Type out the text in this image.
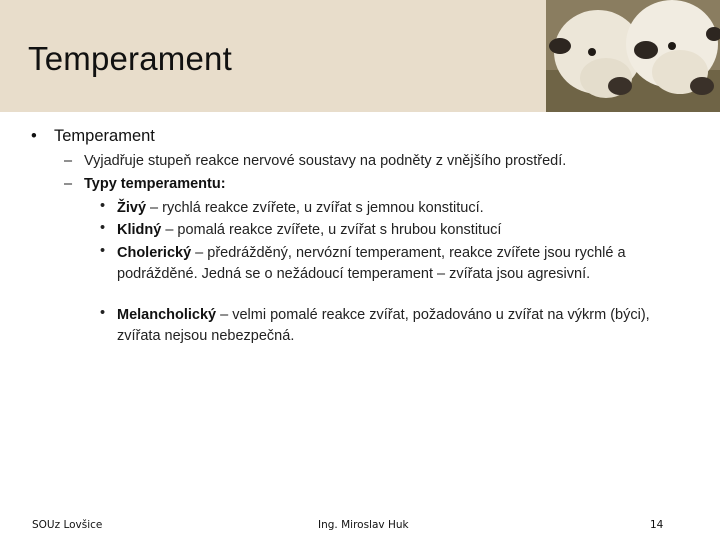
Temperament
• Temperament
– Vyjadřuje stupeň reakce nervové soustavy na podněty z vnějšího prostředí.
– Typy temperamentu:
• Živý – rychlá reakce zvířete, u zvířat s jemnou konstitucí.
• Klidný – pomalá reakce zvířete, u zvířat s hrubou konstitucí
• Cholerický – předrážděný, nervózní temperament, reakce zvířete jsou rychlé a podrážděné. Jedná se o nežádoucí temperament – zvířata jsou agresivní.
• Melancholický – velmi pomalé reakce zvířat, požadováno u zvířat na výkrm (býci), zvířata nejsou nebezpečná.
SOUz Lovšice	Ing. Miroslav Huk	14
